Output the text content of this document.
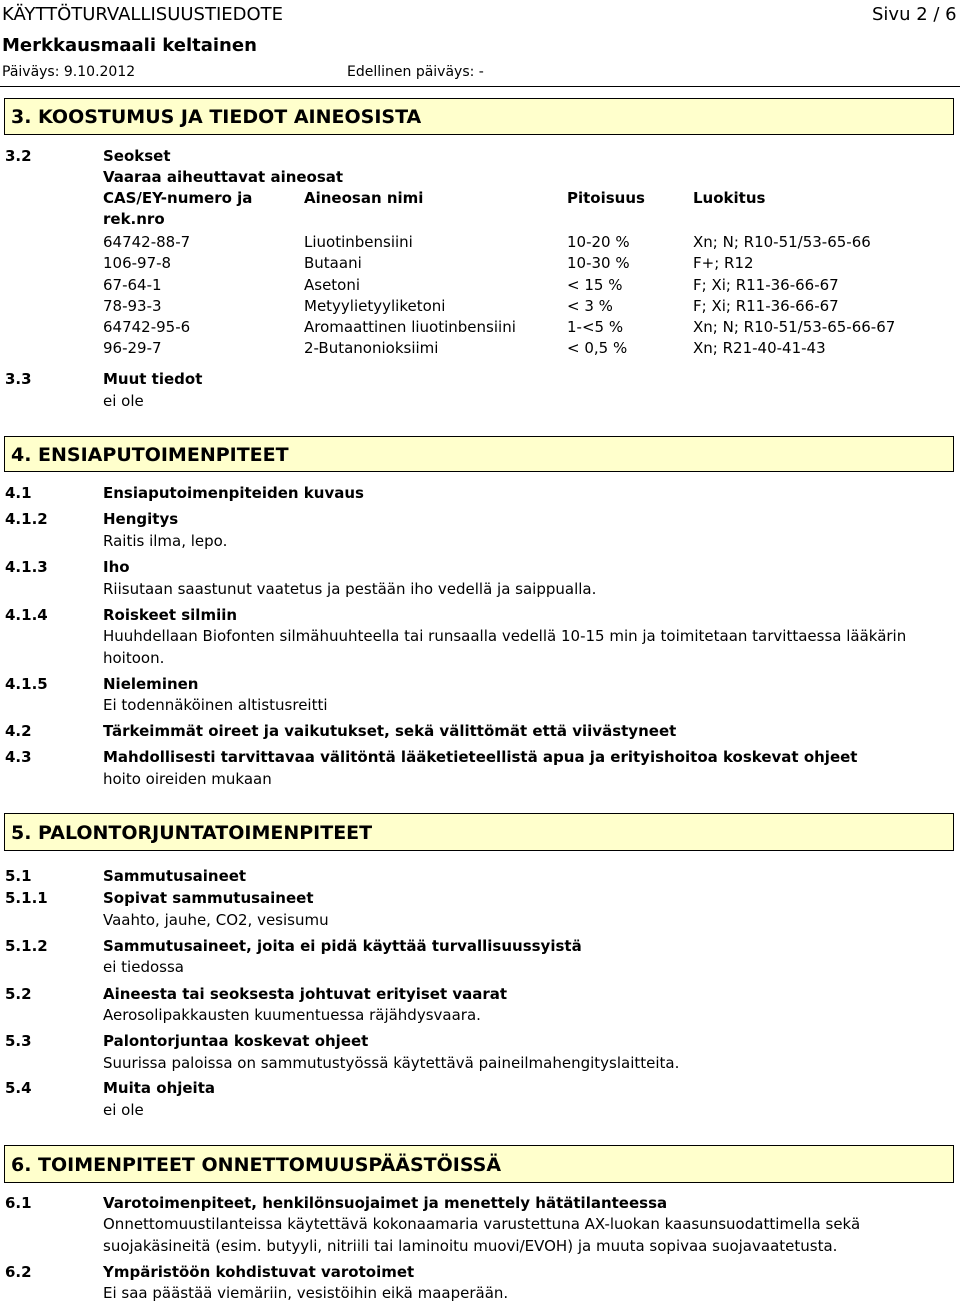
KÄYTTÖTURVALLISUUSTIEDOTE	Sivu 2 / 6
Merkkausmaali keltainen
Päiväys: 9.10.2012	Edellinen päiväys: -
3. KOOSTUMUS JA TIEDOT AINEOSISTA
3.2	Seokset
Vaaraa aiheuttavat aineosat
CAS/EY-numero ja	Aineosan nimi	Pitoisuus	Luokitus
rek.nro
64742-88-7	Liuotinbensiini	10-20 %	Xn; N; R10-51/53-65-66
106-97-8	Butaani	10-30 %	F+; R12
67-64-1	Asetoni	< 15 %	F; Xi; R11-36-66-67
78-93-3	Metyylietyyliketoni	< 3 %	F; Xi; R11-36-66-67
64742-95-6	Aromaattinen liuotinbensiini	1-<5 %	Xn; N; R10-51/53-65-66-67
96-29-7	2-Butanonioksiimi	< 0,5 %	Xn; R21-40-41-43
3.3	Muut tiedot
ei ole
4. ENSIAPUTOIMENPITEET
4.1	Ensiaputoimenpiteiden kuvaus
4.1.2	Hengitys
Raitis ilma, lepo.
4.1.3	Iho
Riisutaan saastunut vaatetus ja pestään iho vedellä ja saippualla.
4.1.4	Roiskeet silmiin
Huuhdellaan Biofonten silmähuuhteella tai runsaalla vedellä 10-15 min ja toimitetaan tarvittaessa lääkärin
hoitoon.
4.1.5	Nieleminen
Ei todennäköinen altistusreitti
4.2	Tärkeimmät oireet ja vaikutukset, sekä välittömät että viivästyneet
4.3	Mahdollisesti tarvittavaa välitöntä lääketieteellistä apua ja erityishoitoa koskevat ohjeet
hoito oireiden mukaan
5. PALONTORJUNTATOIMENPITEET
5.1	Sammutusaineet
5.1.1	Sopivat sammutusaineet
Vaahto, jauhe, CO2, vesisumu
5.1.2	Sammutusaineet, joita ei pidä käyttää turvallisuussyistä
ei tiedossa
5.2	Aineesta tai seoksesta johtuvat erityiset vaarat
Aerosolipakkausten kuumentuessa räjähdysvaara.
5.3	Palontorjuntaa koskevat ohjeet
Suurissa paloissa on sammutustyössä käytettävä paineilmahengityslaitteita.
5.4	Muita ohjeita
ei ole
6. TOIMENPITEET ONNETTOMUUSPÄÄSTÖISSÄ
6.1	Varotoimenpiteet, henkilönsuojaimet ja menettely hätätilanteessa
Onnettomuustilanteissa käytettävä kokonaamaria varustettuna AX-luokan kaasunsuodattimella sekä
suojakäsineitä (esim. butyyli, nitriili tai laminoitu muovi/EVOH) ja muuta sopivaa suojavaatetusta.
6.2	Ympäristöön kohdistuvat varotoimet
Ei saa päästää viemäriin, vesistöihin eikä maaperään.
